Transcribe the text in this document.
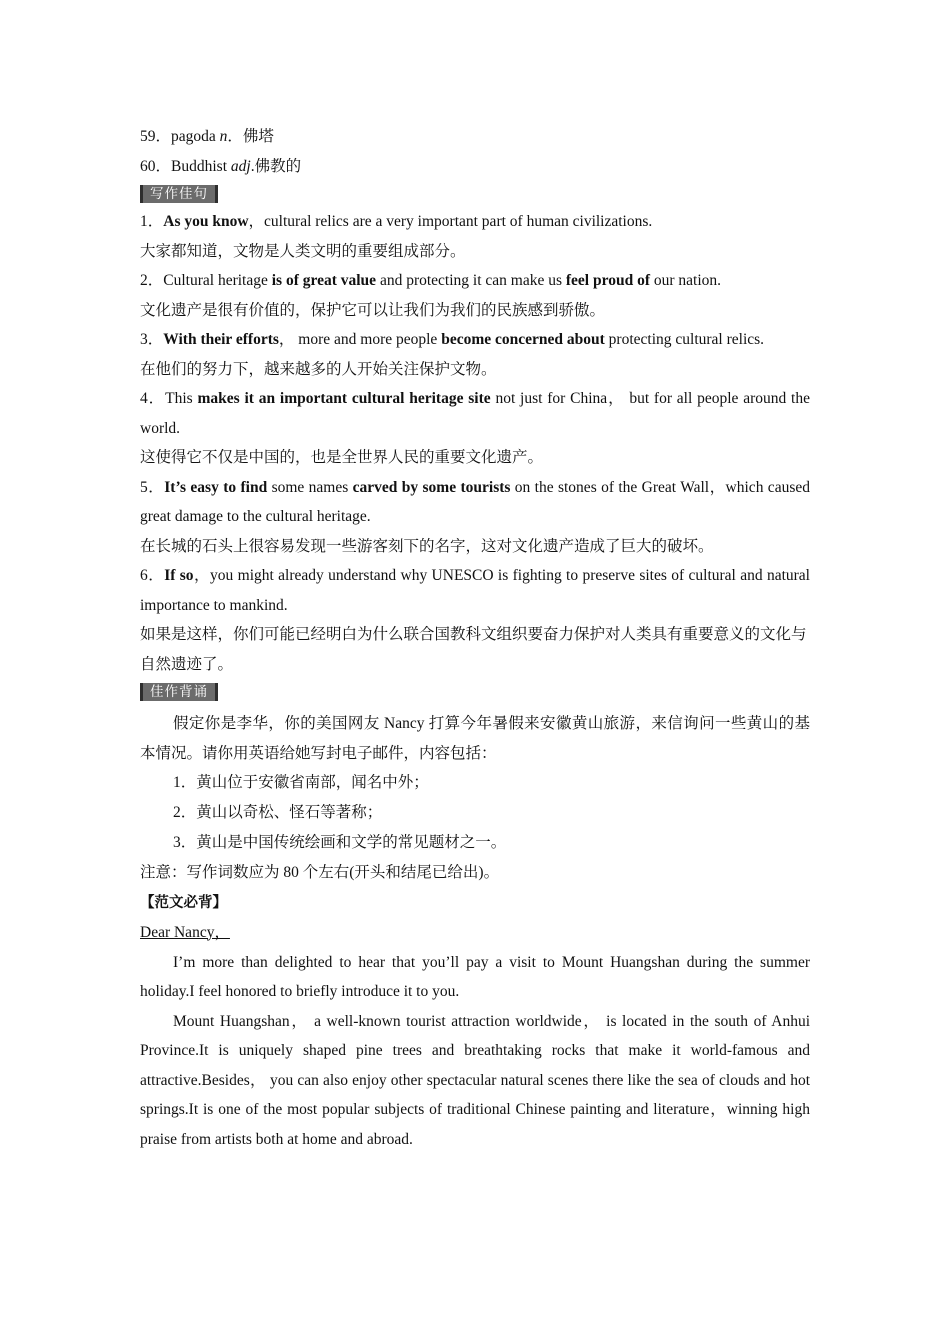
59．pagoda n．佛塔
60．Buddhist adj.佛教的
写作佳句
1．As you know，cultural relics are a very important part of human civilizations.
大家都知道，文物是人类文明的重要组成部分。
2．Cultural heritage is of great value and protecting it can make us feel proud of our nation.
文化遗产是很有价值的，保护它可以让我们为我们的民族感到骄傲。
3．With their efforts， more and more people become concerned about protecting cultural relics.
在他们的努力下，越来越多的人开始关注保护文物。
4．This makes it an important cultural heritage site not just for China， but for all people around the world.
这使得它不仅是中国的，也是全世界人民的重要文化遗产。
5．It’s easy to find some names carved by some tourists on the stones of the Great Wall，which caused great damage to the cultural heritage.
在长城的石头上很容易发现一些游客刻下的名字，这对文化遗产造成了巨大的破坏。
6．If so，you might already understand why UNESCO is fighting to preserve sites of cultural and natural importance to mankind.
如果是这样，你们可能已经明白为什么联合国教科文组织要奋力保护对人类具有重要意义的文化与自然遗迹了。
佳作背诵
假定你是李华，你的美国网友 Nancy 打算今年暑假来安徽黄山旅游，来信询问一些黄山的基本情况。请你用英语给她写封电子邮件，内容包括：
1．黄山位于安徽省南部，闻名中外；
2．黄山以奇松、怪石等著称；
3．黄山是中国传统绘画和文学的常见题材之一。
注意：写作词数应为 80 个左右(开头和结尾已给出)。
【范文必背】
Dear Nancy，
I’m more than delighted to hear that you’ll pay a visit to Mount Huangshan during the summer holiday.I feel honored to briefly introduce it to you.
Mount Huangshan， a well-known tourist attraction worldwide， is located in the south of Anhui Province.It is uniquely shaped pine trees and breathtaking rocks that make it world-famous and attractive.Besides， you can also enjoy other spectacular natural scenes there like the sea of clouds and hot springs.It is one of the most popular subjects of traditional Chinese painting and literature，winning high praise from artists both at home and abroad.
